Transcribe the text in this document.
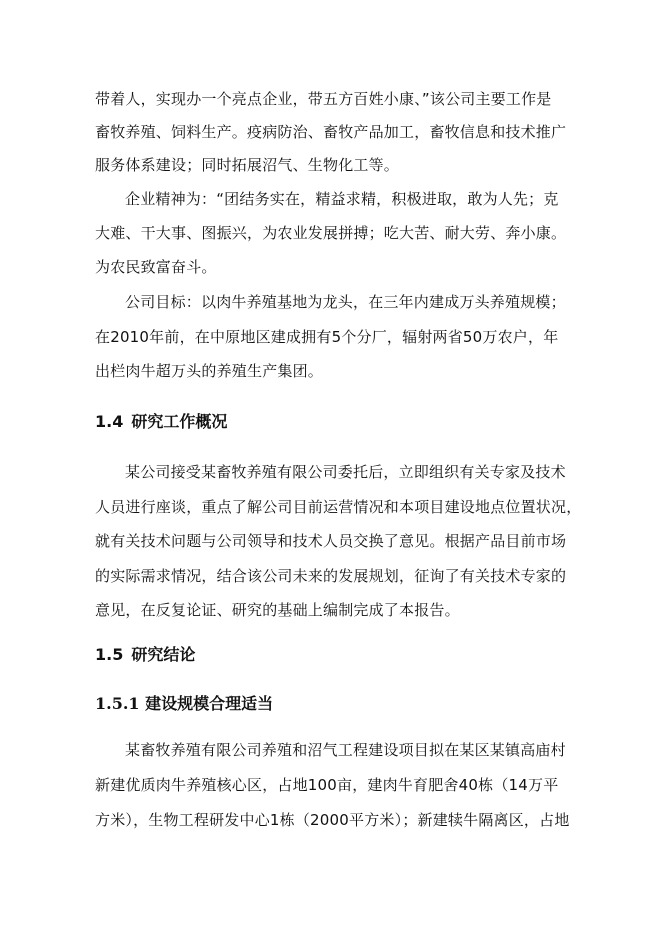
带着人，实现办一个亮点企业，带五方百姓小康、”该公司主要工作是
畜牧养殖、饲料生产。疫病防治、畜牧产品加工，畜牧信息和技术推广
服务体系建设；同时拓展沼气、生物化工等。
企业精神为：“团结务实在，精益求精，积极进取，敢为人先；克
大难、干大事、图振兴，为农业发展拼搏；吃大苦、耐大劳、奔小康。
为农民致富奋斗。
公司目标：以肉牛养殖基地为龙头，在三年内建成万头养殖规模；
在2010年前，在中原地区建成拥有5个分厂，辐射两省50万农户，年
出栏肉牛超万头的养殖生产集团。
1.4 研究工作概况
某公司接受某畜牧养殖有限公司委托后，立即组织有关专家及技术
人员进行座谈，重点了解公司目前运营情况和本项目建设地点位置状况，
就有关技术问题与公司领导和技术人员交换了意见。根据产品目前市场
的实际需求情况，结合该公司未来的发展规划，征询了有关技术专家的
意见，在反复论证、研究的基础上编制完成了本报告。
1.5 研究结论
1.5.1 建设规模合理适当
某畜牧养殖有限公司养殖和沼气工程建设项目拟在某区某镇高庙村
新建优质肉牛养殖核心区，占地100亩，建肉牛育肥舍40栋（14万平
方米），生物工程研发中心1栋（2000平方米）；新建犊牛隔离区，占地
